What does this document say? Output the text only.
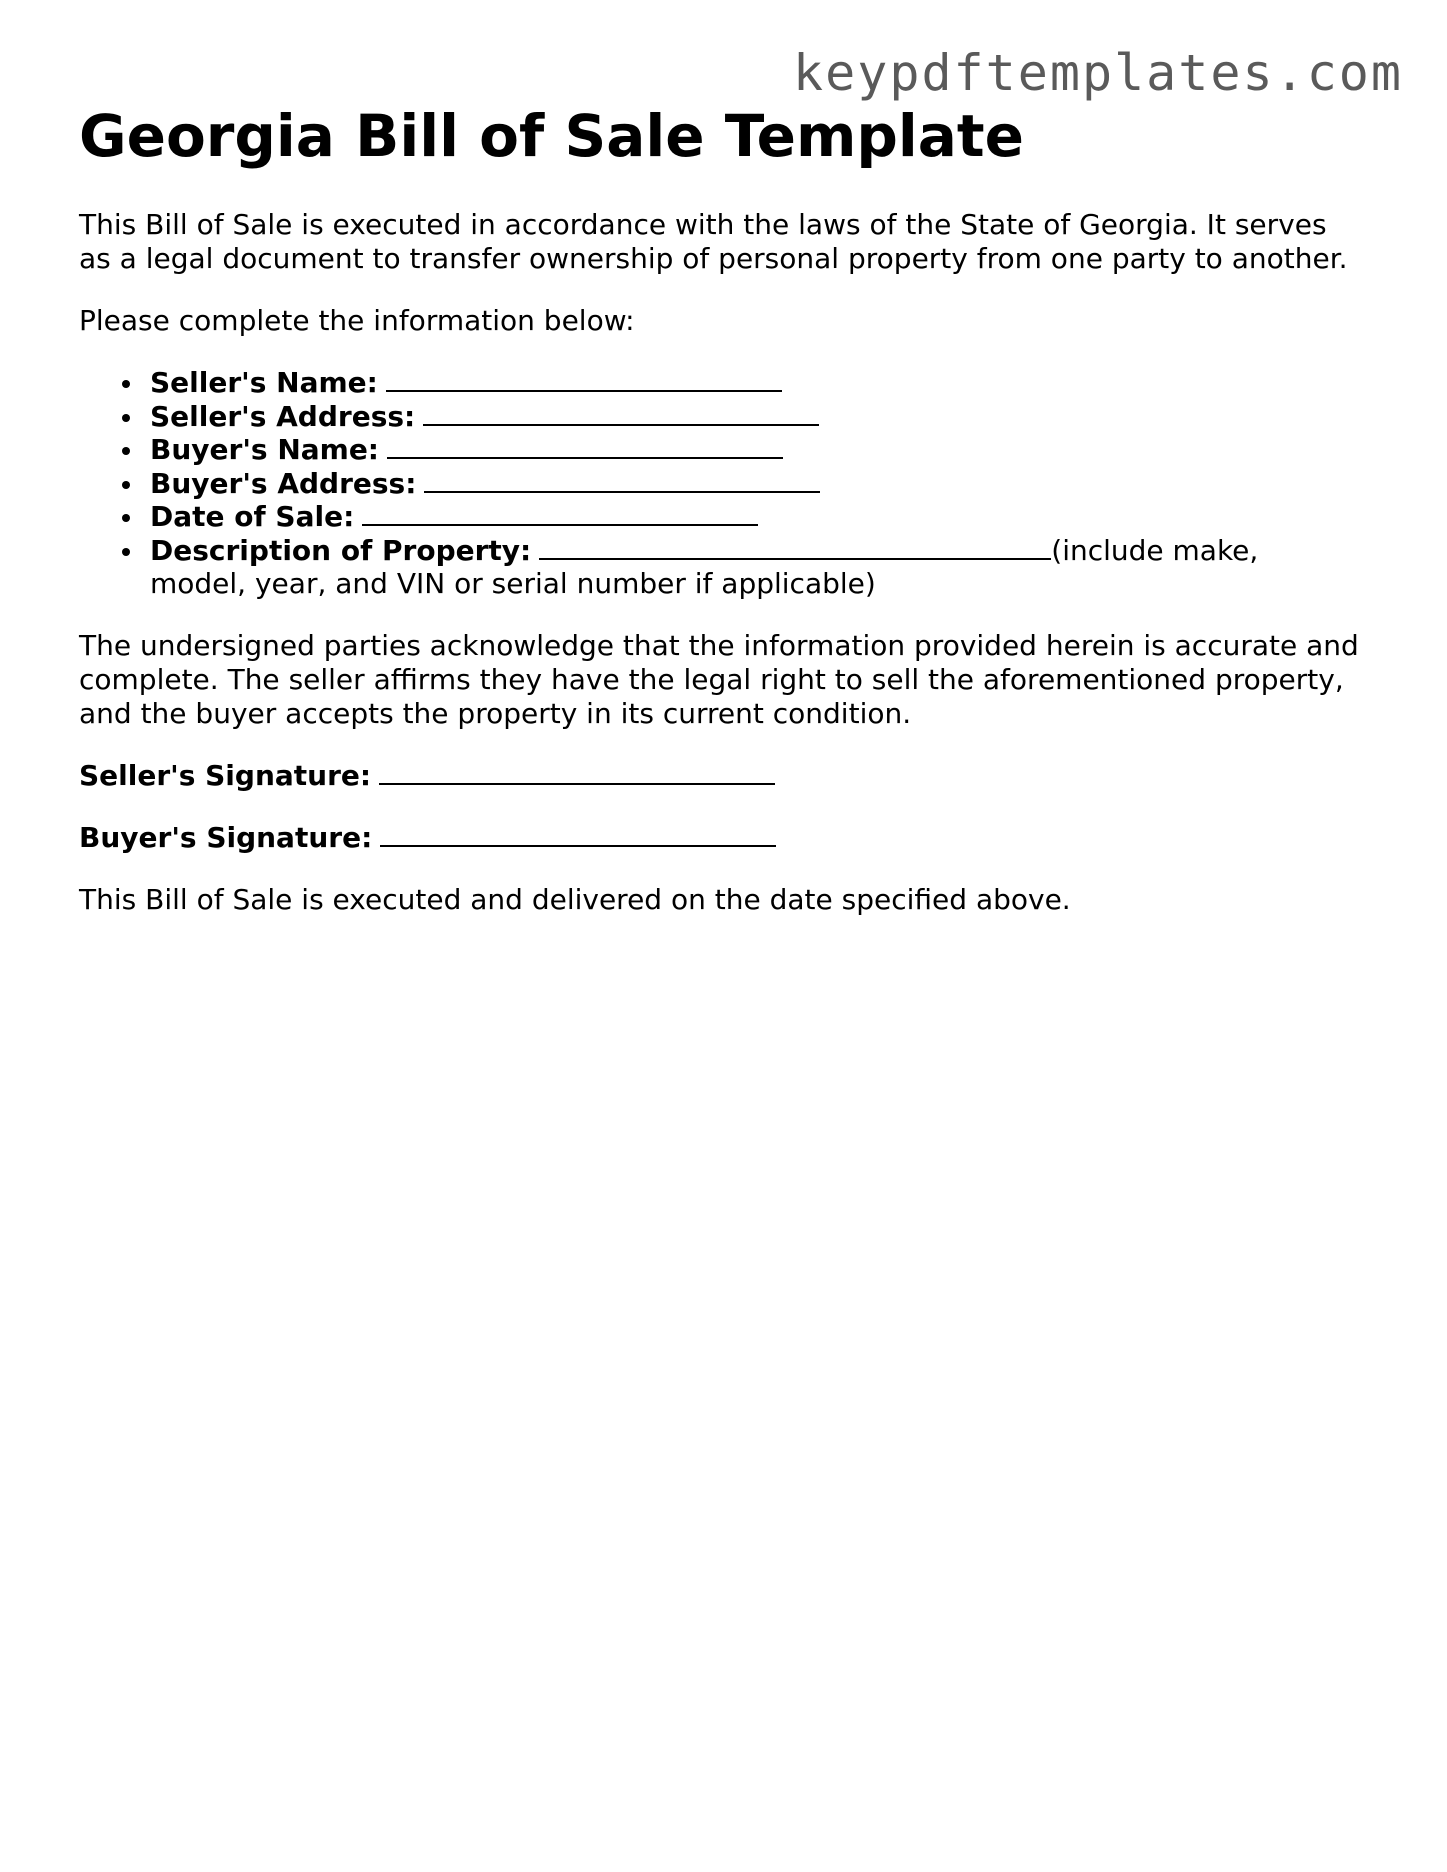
keypdftemplates.com
Georgia Bill of Sale Template

This Bill of Sale is executed in accordance with the laws of the State of Georgia. It serves as a legal document to transfer ownership of personal property from one party to another.

Please complete the information below:

Seller's Name:
Seller's Address:
Buyer's Name:
Buyer's Address:
Date of Sale:
Description of Property:	(include make, model, year, and VIN or serial number if applicable)

The undersigned parties acknowledge that the information provided herein is accurate and complete. The seller affirms they have the legal right to sell the aforementioned property, and the buyer accepts the property in its current condition.

Seller's Signature:
Buyer's Signature:

This Bill of Sale is executed and delivered on the date specified above.
